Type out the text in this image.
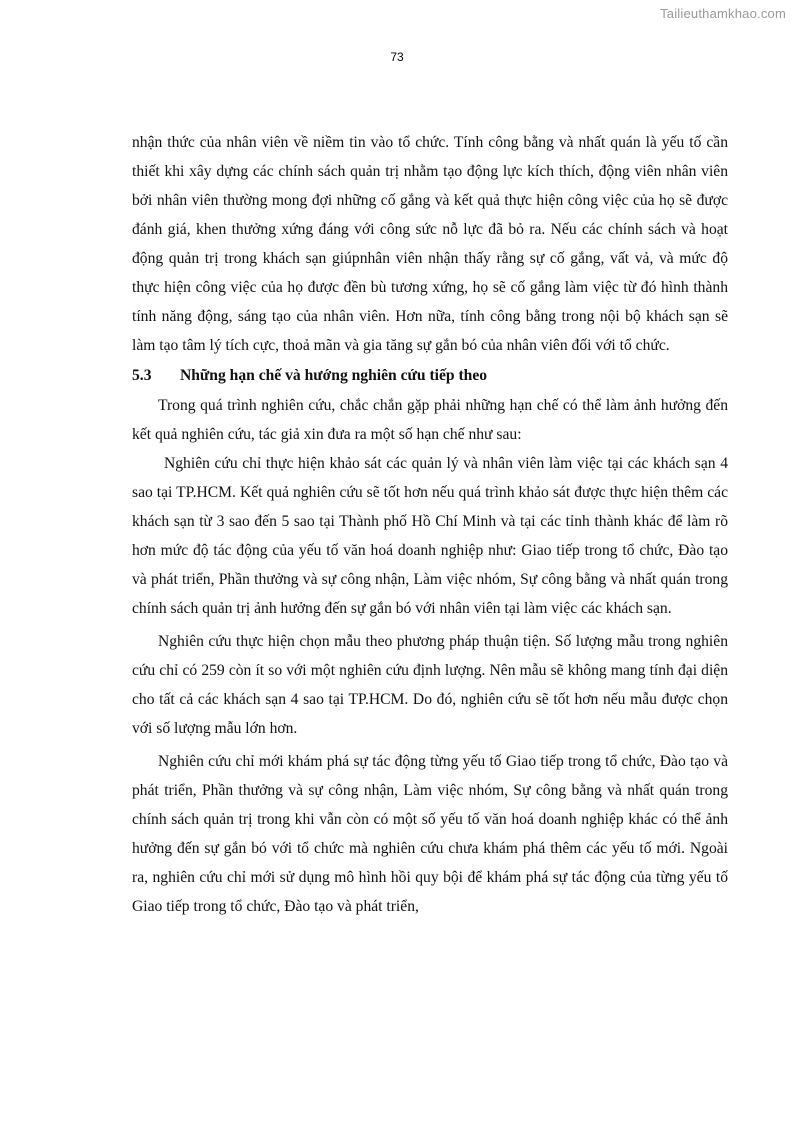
Tailieuthamkhao.com
73

nhận thức của nhân viên về niềm tin vào tổ chức. Tính công bằng và nhất quán là yếu tố cần thiết khi xây dựng các chính sách quản trị nhằm tạo động lực kích thích, động viên nhân viên bởi nhân viên thường mong đợi những cố gắng và kết quả thực hiện công việc của họ sẽ được đánh giá, khen thưởng xứng đáng với công sức nỗ lực đã bỏ ra. Nếu các chính sách và hoạt động quản trị trong khách sạn giúpnhân viên nhận thấy rằng sự cố gắng, vất vả, và mức độ thực hiện công việc của họ được đền bù tương xứng, họ sẽ cố gắng làm việc từ đó hình thành tính năng động, sáng tạo của nhân viên. Hơn nữa, tính công bằng trong nội bộ khách sạn sẽ làm tạo tâm lý tích cực, thoả mãn và gia tăng sự gắn bó của nhân viên đối với tổ chức.

5.3	Những hạn chế và hướng nghiên cứu tiếp theo

Trong quá trình nghiên cứu, chắc chắn gặp phải những hạn chế có thể làm ảnh hưởng đến kết quả nghiên cứu, tác giả xin đưa ra một số hạn chế như sau:

Nghiên cứu chỉ thực hiện khảo sát các quản lý và nhân viên làm việc tại các khách sạn 4 sao tại TP.HCM. Kết quả nghiên cứu sẽ tốt hơn nếu quá trình khảo sát được thực hiện thêm các khách sạn từ 3 sao đến 5 sao tại Thành phố Hồ Chí Minh và tại các tỉnh thành khác để làm rõ hơn mức độ tác động của yếu tố văn hoá doanh nghiệp như: Giao tiếp trong tổ chức, Đào tạo và phát triển, Phần thưởng và sự công nhận, Làm việc nhóm, Sự công bằng và nhất quán trong chính sách quản trị ảnh hưởng đến sự gắn bó với nhân viên tại làm việc các khách sạn.

Nghiên cứu thực hiện chọn mẫu theo phương pháp thuận tiện. Số lượng mẫu trong nghiên cứu chỉ có 259 còn ít so với một nghiên cứu định lượng. Nên mẫu sẽ không mang tính đại diện cho tất cả các khách sạn 4 sao tại TP.HCM. Do đó, nghiên cứu sẽ tốt hơn nếu mẫu được chọn với số lượng mẫu lớn hơn.

Nghiên cứu chỉ mới khám phá sự tác động từng yếu tố Giao tiếp trong tổ chức, Đào tạo và phát triển, Phần thưởng và sự công nhận, Làm việc nhóm, Sự công bằng và nhất quán trong chính sách quản trị trong khi vẫn còn có một số yếu tố văn hoá doanh nghiệp khác có thể ảnh hưởng đến sự gắn bó với tổ chức mà nghiên cứu chưa khám phá thêm các yếu tố mới. Ngoài ra, nghiên cứu chỉ mới sử dụng mô hình hồi quy bội để khám phá sự tác động của từng yếu tố Giao tiếp trong tổ chức, Đào tạo và phát triển,
